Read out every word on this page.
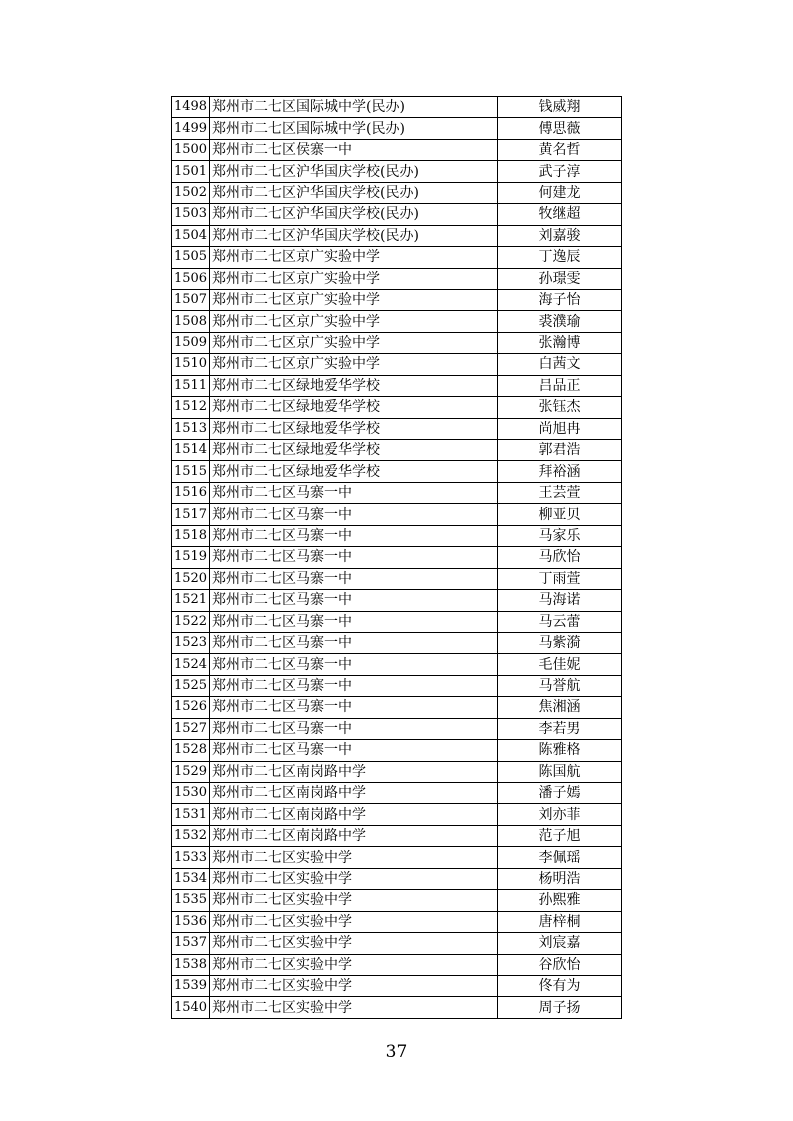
1498	郑州市二七区国际城中学(民办)	钱威翔
1499	郑州市二七区国际城中学(民办)	傅思薇
1500	郑州市二七区侯寨一中	黄名哲
1501	郑州市二七区沪华国庆学校(民办)	武子淳
1502	郑州市二七区沪华国庆学校(民办)	何建龙
1503	郑州市二七区沪华国庆学校(民办)	牧继超
1504	郑州市二七区沪华国庆学校(民办)	刘嘉骏
1505	郑州市二七区京广实验中学	丁逸辰
1506	郑州市二七区京广实验中学	孙璟雯
1507	郑州市二七区京广实验中学	海子怡
1508	郑州市二七区京广实验中学	裘濮瑜
1509	郑州市二七区京广实验中学	张瀚博
1510	郑州市二七区京广实验中学	白茜文
1511	郑州市二七区绿地爱华学校	吕品正
1512	郑州市二七区绿地爱华学校	张钰杰
1513	郑州市二七区绿地爱华学校	尚旭冉
1514	郑州市二七区绿地爱华学校	郭君浩
1515	郑州市二七区绿地爱华学校	拜裕涵
1516	郑州市二七区马寨一中	王芸萱
1517	郑州市二七区马寨一中	柳亚贝
1518	郑州市二七区马寨一中	马家乐
1519	郑州市二七区马寨一中	马欣怡
1520	郑州市二七区马寨一中	丁雨萱
1521	郑州市二七区马寨一中	马海诺
1522	郑州市二七区马寨一中	马云蕾
1523	郑州市二七区马寨一中	马紫漪
1524	郑州市二七区马寨一中	毛佳妮
1525	郑州市二七区马寨一中	马誉航
1526	郑州市二七区马寨一中	焦湘涵
1527	郑州市二七区马寨一中	李若男
1528	郑州市二七区马寨一中	陈雅格
1529	郑州市二七区南岗路中学	陈国航
1530	郑州市二七区南岗路中学	潘子嫣
1531	郑州市二七区南岗路中学	刘亦菲
1532	郑州市二七区南岗路中学	范子旭
1533	郑州市二七区实验中学	李佩瑶
1534	郑州市二七区实验中学	杨明浩
1535	郑州市二七区实验中学	孙熙雅
1536	郑州市二七区实验中学	唐梓桐
1537	郑州市二七区实验中学	刘宸嘉
1538	郑州市二七区实验中学	谷欣怡
1539	郑州市二七区实验中学	佟有为
1540	郑州市二七区实验中学	周子扬
37
